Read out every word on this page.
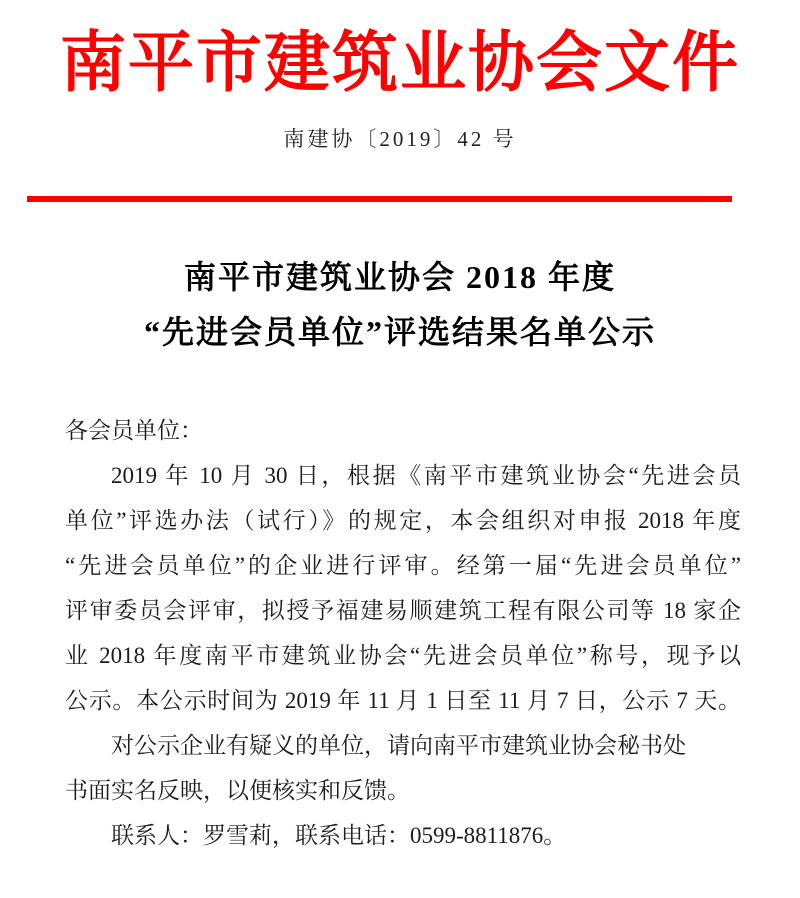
南平市建筑业协会文件
南建协〔2019〕42 号
南平市建筑业协会 2018 年度
“先进会员单位”评选结果名单公示

各会员单位：

2019 年 10 月 30 日，根据《南平市建筑业协会“先进会员

单位”评选办法（试行）》的规定，本会组织对申报 2018 年度

“先进会员单位”的企业进行评审。经第一届“先进会员单位”

评审委员会评审，拟授予福建易顺建筑工程有限公司等 18 家企

业 2018 年度南平市建筑业协会“先进会员单位”称号，现予以

公示。本公示时间为 2019 年 11 月 1 日至 11 月 7 日，公示 7 天。

对公示企业有疑义的单位，请向南平市建筑业协会秘书处

书面实名反映，以便核实和反馈。

联系人：罗雪莉，联系电话：0599-8811876。
